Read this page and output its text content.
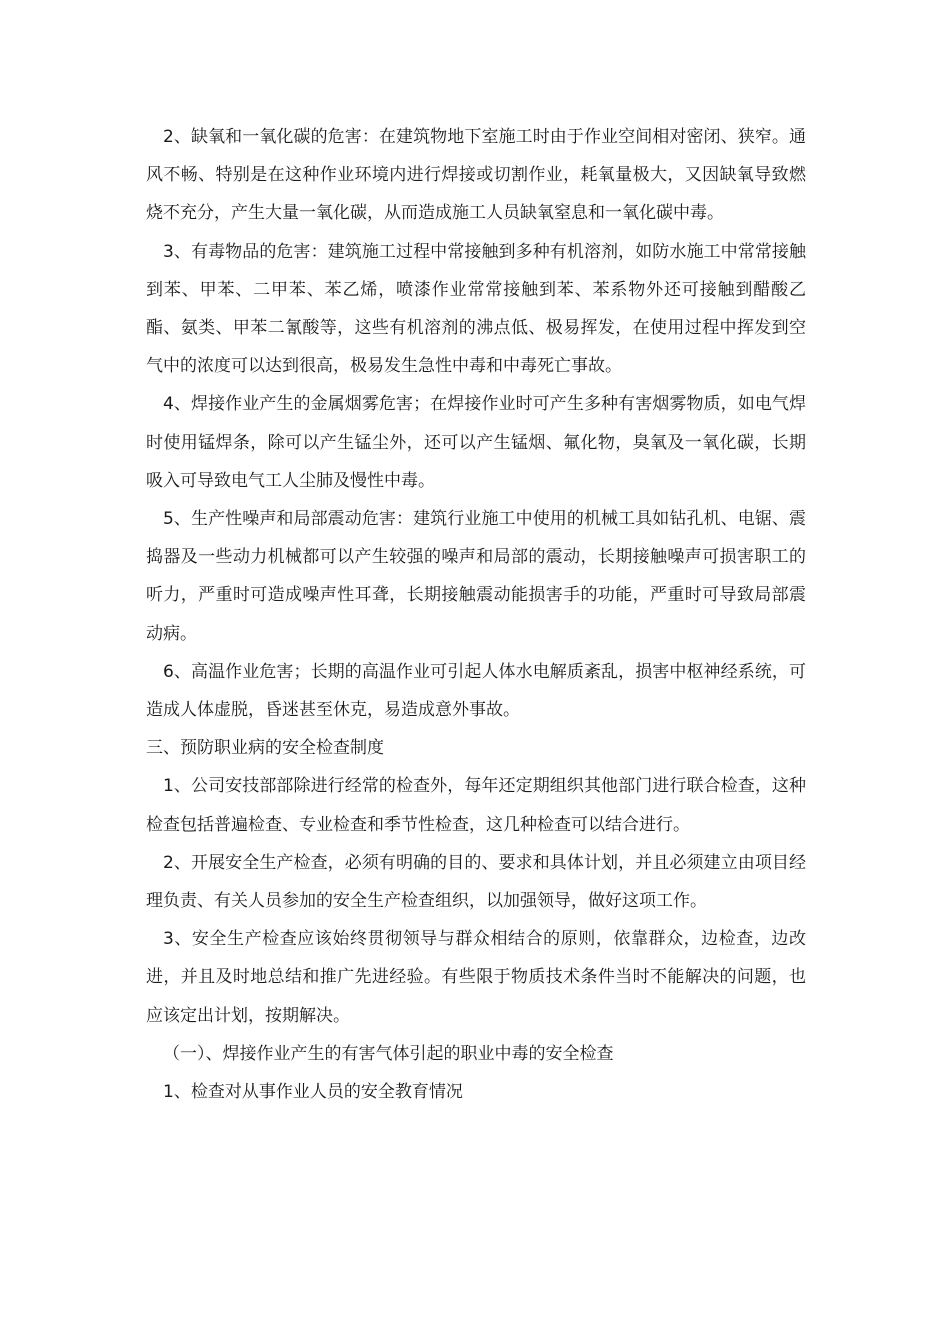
2、缺氧和一氧化碳的危害：在建筑物地下室施工时由于作业空间相对密闭、狭窄。通风不畅、特别是在这种作业环境内进行焊接或切割作业，耗氧量极大，又因缺氧导致燃烧不充分，产生大量一氧化碳，从而造成施工人员缺氧窒息和一氧化碳中毒。

3、有毒物品的危害：建筑施工过程中常接触到多种有机溶剂，如防水施工中常常接触到苯、甲苯、二甲苯、苯乙烯，喷漆作业常常接触到苯、苯系物外还可接触到醋酸乙酯、氨类、甲苯二氰酸等，这些有机溶剂的沸点低、极易挥发，在使用过程中挥发到空气中的浓度可以达到很高，极易发生急性中毒和中毒死亡事故。

4、焊接作业产生的金属烟雾危害；在焊接作业时可产生多种有害烟雾物质，如电气焊时使用锰焊条，除可以产生锰尘外，还可以产生锰烟、氟化物，臭氧及一氧化碳，长期吸入可导致电气工人尘肺及慢性中毒。

5、生产性噪声和局部震动危害：建筑行业施工中使用的机械工具如钻孔机、电锯、震捣器及一些动力机械都可以产生较强的噪声和局部的震动，长期接触噪声可损害职工的听力，严重时可造成噪声性耳聋，长期接触震动能损害手的功能，严重时可导致局部震动病。

6、高温作业危害；长期的高温作业可引起人体水电解质紊乱，损害中枢神经系统，可造成人体虚脱，昏迷甚至休克，易造成意外事故。

三、预防职业病的安全检查制度

1、公司安技部部除进行经常的检查外，每年还定期组织其他部门进行联合检查，这种检查包括普遍检查、专业检查和季节性检查，这几种检查可以结合进行。

2、开展安全生产检查，必须有明确的目的、要求和具体计划，并且必须建立由项目经理负责、有关人员参加的安全生产检查组织，以加强领导，做好这项工作。

3、安全生产检查应该始终贯彻领导与群众相结合的原则，依靠群众，边检查，边改进，并且及时地总结和推广先进经验。有些限于物质技术条件当时不能解决的问题，也应该定出计划，按期解决。

（一）、焊接作业产生的有害气体引起的职业中毒的安全检查

1、检查对从事作业人员的安全教育情况
